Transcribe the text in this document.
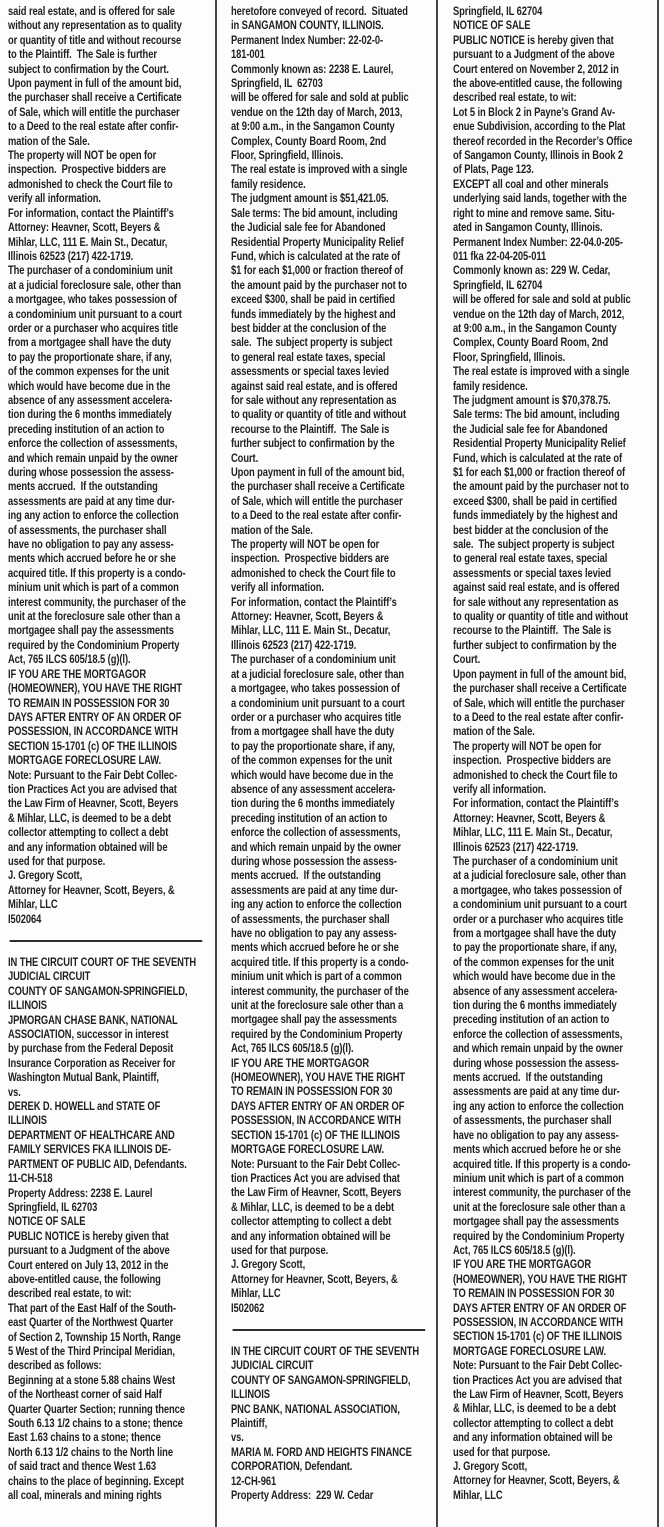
said real estate, and is offered for sale
without any representation as to quality
or quantity of title and without recourse
to the Plaintiff.  The Sale is further
subject to confirmation by the Court.
Upon payment in full of the amount bid,
the purchaser shall receive a Certificate
of Sale, which will entitle the purchaser
to a Deed to the real estate after confir-
mation of the Sale.
The property will NOT be open for
inspection.  Prospective bidders are
admonished to check the Court file to
verify all information.
For information, contact the Plaintiff’s
Attorney: Heavner, Scott, Beyers &
Mihlar, LLC, 111 E. Main St., Decatur,
Illinois 62523 (217) 422-1719.
The purchaser of a condominium unit
at a judicial foreclosure sale, other than
a mortgagee, who takes possession of
a condominium unit pursuant to a court
order or a purchaser who acquires title
from a mortgagee shall have the duty
to pay the proportionate share, if any,
of the common expenses for the unit
which would have become due in the
absence of any assessment accelera-
tion during the 6 months immediately
preceding institution of an action to
enforce the collection of assessments,
and which remain unpaid by the owner
during whose possession the assess-
ments accrued.  If the outstanding
assessments are paid at any time dur-
ing any action to enforce the collection
of assessments, the purchaser shall
have no obligation to pay any assess-
ments which accrued before he or she
acquired title. If this property is a condo-
minium unit which is part of a common
interest community, the purchaser of the
unit at the foreclosure sale other than a
mortgagee shall pay the assessments
required by the Condominium Property
Act, 765 ILCS 605/18.5 (g)(l).
IF YOU ARE THE MORTGAGOR
(HOMEOWNER), YOU HAVE THE RIGHT
TO REMAIN IN POSSESSION FOR 30
DAYS AFTER ENTRY OF AN ORDER OF
POSSESSION, IN ACCORDANCE WITH
SECTION 15-1701 (c) OF THE ILLINOIS
MORTGAGE FORECLOSURE LAW.
Note: Pursuant to the Fair Debt Collec-
tion Practices Act you are advised that
the Law Firm of Heavner, Scott, Beyers
& Mihlar, LLC, is deemed to be a debt
collector attempting to collect a debt
and any information obtained will be
used for that purpose.
J. Gregory Scott,
Attorney for Heavner, Scott, Beyers, &
Mihlar, LLC
I502064
IN THE CIRCUIT COURT OF THE SEVENTH
JUDICIAL CIRCUIT
COUNTY OF SANGAMON-SPRINGFIELD,
ILLINOIS
JPMORGAN CHASE BANK, NATIONAL
ASSOCIATION, successor in interest
by purchase from the Federal Deposit
Insurance Corporation as Receiver for
Washington Mutual Bank, Plaintiff,
vs.
DEREK D. HOWELL and STATE OF
ILLINOIS
DEPARTMENT OF HEALTHCARE AND
FAMILY SERVICES FKA ILLINOIS DE-
PARTMENT OF PUBLIC AID, Defendants.
11-CH-518
Property Address: 2238 E. Laurel
Springfield, IL 62703
NOTICE OF SALE
PUBLIC NOTICE is hereby given that
pursuant to a Judgment of the above
Court entered on July 13, 2012 in the
above-entitled cause, the following
described real estate, to wit:
That part of the East Half of the South-
east Quarter of the Northwest Quarter
of Section 2, Township 15 North, Range
5 West of the Third Principal Meridian,
described as follows:
Beginning at a stone 5.88 chains West
of the Northeast corner of said Half
Quarter Quarter Section; running thence
South 6.13 1/2 chains to a stone; thence
East 1.63 chains to a stone; thence
North 6.13 1/2 chains to the North line
of said tract and thence West 1.63
chains to the place of beginning. Except
all coal, minerals and mining rights
heretofore conveyed of record.  Situated
in SANGAMON COUNTY, ILLINOIS.
Permanent Index Number: 22-02-0-
181-001
Commonly known as: 2238 E. Laurel,
Springfield, IL  62703
will be offered for sale and sold at public
vendue on the 12th day of March, 2013,
at 9:00 a.m., in the Sangamon County
Complex, County Board Room, 2nd
Floor, Springfield, Illinois.
The real estate is improved with a single
family residence.
The judgment amount is $51,421.05.
Sale terms: The bid amount, including
the Judicial sale fee for Abandoned
Residential Property Municipality Relief
Fund, which is calculated at the rate of
$1 for each $1,000 or fraction thereof of
the amount paid by the purchaser not to
exceed $300, shall be paid in certified
funds immediately by the highest and
best bidder at the conclusion of the
sale.  The subject property is subject
to general real estate taxes, special
assessments or special taxes levied
against said real estate, and is offered
for sale without any representation as
to quality or quantity of title and without
recourse to the Plaintiff.  The Sale is
further subject to confirmation by the
Court.
Upon payment in full of the amount bid,
the purchaser shall receive a Certificate
of Sale, which will entitle the purchaser
to a Deed to the real estate after confir-
mation of the Sale.
The property will NOT be open for
inspection.  Prospective bidders are
admonished to check the Court file to
verify all information.
For information, contact the Plaintiff’s
Attorney: Heavner, Scott, Beyers &
Mihlar, LLC, 111 E. Main St., Decatur,
Illinois 62523 (217) 422-1719.
The purchaser of a condominium unit
at a judicial foreclosure sale, other than
a mortgagee, who takes possession of
a condominium unit pursuant to a court
order or a purchaser who acquires title
from a mortgagee shall have the duty
to pay the proportionate share, if any,
of the common expenses for the unit
which would have become due in the
absence of any assessment accelera-
tion during the 6 months immediately
preceding institution of an action to
enforce the collection of assessments,
and which remain unpaid by the owner
during whose possession the assess-
ments accrued.  If the outstanding
assessments are paid at any time dur-
ing any action to enforce the collection
of assessments, the purchaser shall
have no obligation to pay any assess-
ments which accrued before he or she
acquired title. If this property is a condo-
minium unit which is part of a common
interest community, the purchaser of the
unit at the foreclosure sale other than a
mortgagee shall pay the assessments
required by the Condominium Property
Act, 765 ILCS 605/18.5 (g)(l).
IF YOU ARE THE MORTGAGOR
(HOMEOWNER), YOU HAVE THE RIGHT
TO REMAIN IN POSSESSION FOR 30
DAYS AFTER ENTRY OF AN ORDER OF
POSSESSION, IN ACCORDANCE WITH
SECTION 15-1701 (c) OF THE ILLINOIS
MORTGAGE FORECLOSURE LAW.
Note: Pursuant to the Fair Debt Collec-
tion Practices Act you are advised that
the Law Firm of Heavner, Scott, Beyers
& Mihlar, LLC, is deemed to be a debt
collector attempting to collect a debt
and any information obtained will be
used for that purpose.
J. Gregory Scott,
Attorney for Heavner, Scott, Beyers, &
Mihlar, LLC
I502062
IN THE CIRCUIT COURT OF THE SEVENTH
JUDICIAL CIRCUIT
COUNTY OF SANGAMON-SPRINGFIELD,
ILLINOIS
PNC BANK, NATIONAL ASSOCIATION,
Plaintiff,
vs.
MARIA M. FORD AND HEIGHTS FINANCE
CORPORATION, Defendant.
12-CH-961
Property Address:  229 W. Cedar
Springfield, IL 62704
NOTICE OF SALE
PUBLIC NOTICE is hereby given that
pursuant to a Judgment of the above
Court entered on November 2, 2012 in
the above-entitled cause, the following
described real estate, to wit:
Lot 5 in Block 2 in Payne’s Grand Av-
enue Subdivision, according to the Plat
thereof recorded in the Recorder’s Office
of Sangamon County, Illinois in Book 2
of Plats, Page 123.
EXCEPT all coal and other minerals
underlying said lands, together with the
right to mine and remove same. Situ-
ated in Sangamon County, Illinois.
Permanent Index Number: 22-04.0-205-
011 fka 22-04-205-011
Commonly known as: 229 W. Cedar,
Springfield, IL 62704
will be offered for sale and sold at public
vendue on the 12th day of March, 2012,
at 9:00 a.m., in the Sangamon County
Complex, County Board Room, 2nd
Floor, Springfield, Illinois.
The real estate is improved with a single
family residence.
The judgment amount is $70,378.75.
Sale terms: The bid amount, including
the Judicial sale fee for Abandoned
Residential Property Municipality Relief
Fund, which is calculated at the rate of
$1 for each $1,000 or fraction thereof of
the amount paid by the purchaser not to
exceed $300, shall be paid in certified
funds immediately by the highest and
best bidder at the conclusion of the
sale.  The subject property is subject
to general real estate taxes, special
assessments or special taxes levied
against said real estate, and is offered
for sale without any representation as
to quality or quantity of title and without
recourse to the Plaintiff.  The Sale is
further subject to confirmation by the
Court.
Upon payment in full of the amount bid,
the purchaser shall receive a Certificate
of Sale, which will entitle the purchaser
to a Deed to the real estate after confir-
mation of the Sale.
The property will NOT be open for
inspection.  Prospective bidders are
admonished to check the Court file to
verify all information.
For information, contact the Plaintiff’s
Attorney: Heavner, Scott, Beyers &
Mihlar, LLC, 111 E. Main St., Decatur,
Illinois 62523 (217) 422-1719.
The purchaser of a condominium unit
at a judicial foreclosure sale, other than
a mortgagee, who takes possession of
a condominium unit pursuant to a court
order or a purchaser who acquires title
from a mortgagee shall have the duty
to pay the proportionate share, if any,
of the common expenses for the unit
which would have become due in the
absence of any assessment accelera-
tion during the 6 months immediately
preceding institution of an action to
enforce the collection of assessments,
and which remain unpaid by the owner
during whose possession the assess-
ments accrued.  If the outstanding
assessments are paid at any time dur-
ing any action to enforce the collection
of assessments, the purchaser shall
have no obligation to pay any assess-
ments which accrued before he or she
acquired title. If this property is a condo-
minium unit which is part of a common
interest community, the purchaser of the
unit at the foreclosure sale other than a
mortgagee shall pay the assessments
required by the Condominium Property
Act, 765 ILCS 605/18.5 (g)(l).
IF YOU ARE THE MORTGAGOR
(HOMEOWNER), YOU HAVE THE RIGHT
TO REMAIN IN POSSESSION FOR 30
DAYS AFTER ENTRY OF AN ORDER OF
POSSESSION, IN ACCORDANCE WITH
SECTION 15-1701 (c) OF THE ILLINOIS
MORTGAGE FORECLOSURE LAW.
Note: Pursuant to the Fair Debt Collec-
tion Practices Act you are advised that
the Law Firm of Heavner, Scott, Beyers
& Mihlar, LLC, is deemed to be a debt
collector attempting to collect a debt
and any information obtained will be
used for that purpose.
J. Gregory Scott,
Attorney for Heavner, Scott, Beyers, &
Mihlar, LLC
